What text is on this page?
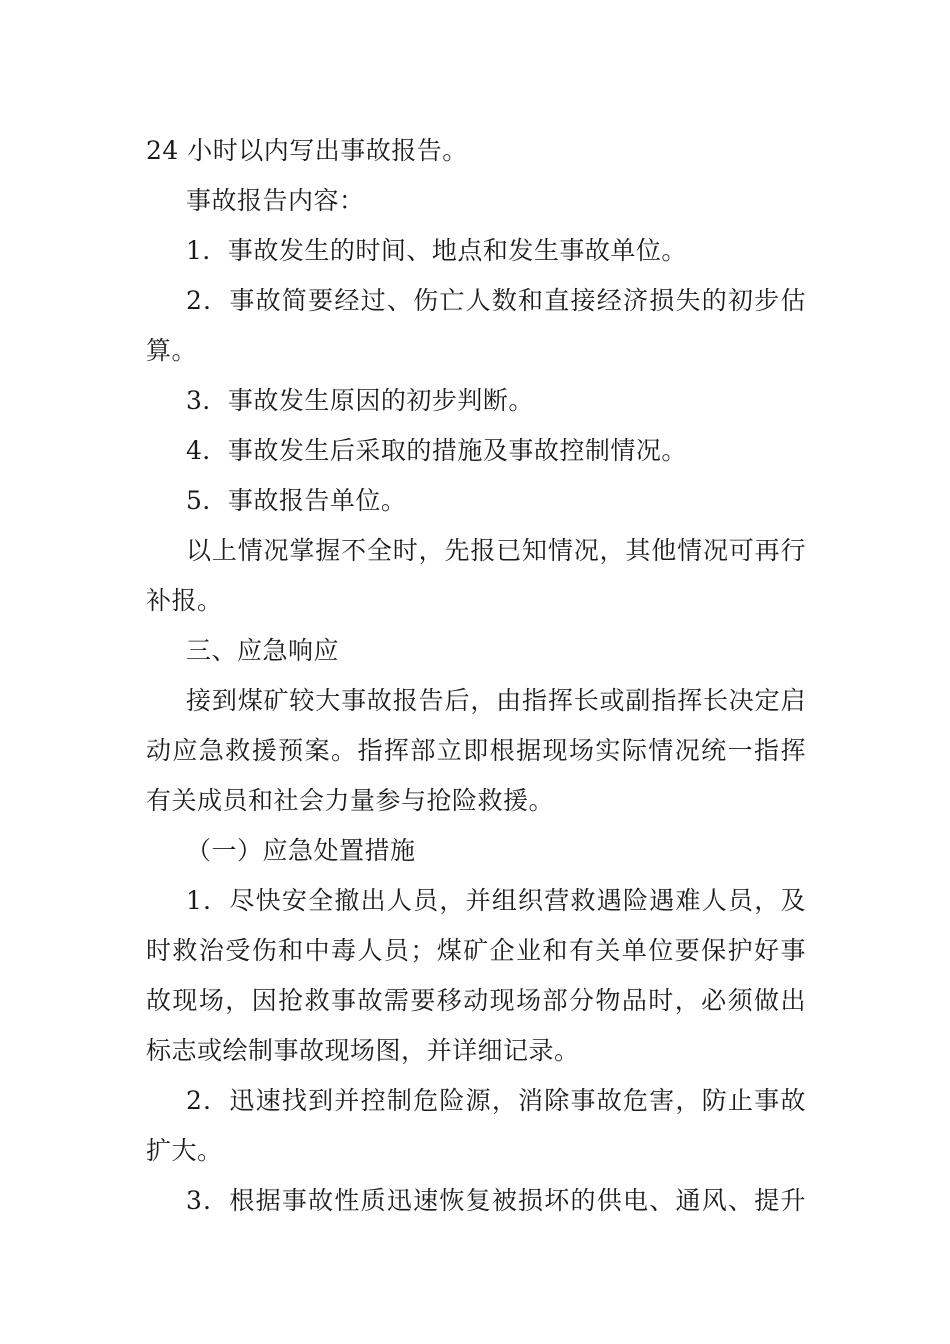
24 小时以内写出事故报告。
事故报告内容：
1．事故发生的时间、地点和发生事故单位。
2．事故简要经过、伤亡人数和直接经济损失的初步估
算。
3．事故发生原因的初步判断。
4．事故发生后采取的措施及事故控制情况。
5．事故报告单位。
以上情况掌握不全时，先报已知情况，其他情况可再行
补报。
三、应急响应
接到煤矿较大事故报告后，由指挥长或副指挥长决定启
动应急救援预案。指挥部立即根据现场实际情况统一指挥
有关成员和社会力量参与抢险救援。
（一）应急处置措施
1．尽快安全撤出人员，并组织营救遇险遇难人员，及
时救治受伤和中毒人员；煤矿企业和有关单位要保护好事
故现场，因抢救事故需要移动现场部分物品时，必须做出
标志或绘制事故现场图，并详细记录。
2．迅速找到并控制危险源，消除事故危害，防止事故
扩大。
3．根据事故性质迅速恢复被损坏的供电、通风、提升
